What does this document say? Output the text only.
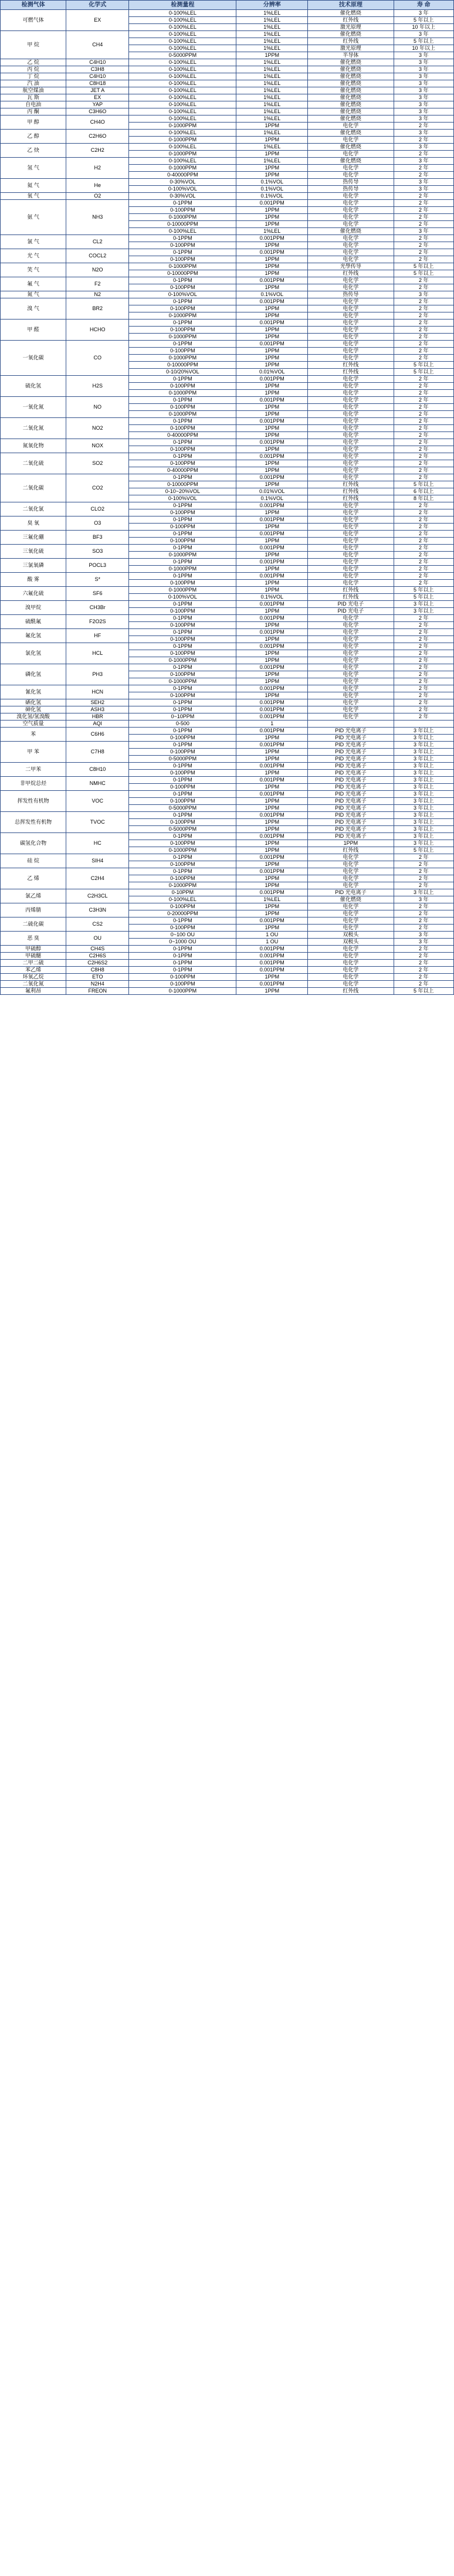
检测气体	化学式	检测量程	分辨率	技术原理	寿 命
可燃气体	EX	0-100%LEL	1%LEL	催化燃烧	3 年
		0-100%LEL	1%LEL	红外线	5 年以上
		0-100%LEL	1%LEL	激光原理	10 年以上
甲 烷	CH4	0-100%LEL	1%LEL	催化燃烧	3 年
		0-100%LEL	1%LEL	红外线	5 年以上
		0-100%LEL	1%LEL	激光原理	10 年以上
		0-5000PPM	1PPM	半导体	3 年
乙 烷	C4H10	0-100%LEL	1%LEL	催化燃烧	3 年
丙 烷	C3H8	0-100%LEL	1%LEL	催化燃烧	3 年
丁 烷	C4H10	0-100%LEL	1%LEL	催化燃烧	3 年
汽 油	C8H18	0-100%LEL	1%LEL	催化燃烧	3 年
航空煤油	JET A	0-100%LEL	1%LEL	催化燃烧	3 年
瓦 斯	EX	0-100%LEL	1%LEL	催化燃烧	3 年
自电油	YAP	0-100%LEL	1%LEL	催化燃烧	3 年
丙 酮	C3H6O	0-100%LEL	1%LEL	催化燃烧	3 年
甲 醇	CH4O	0-100%LEL	1%LEL	催化燃烧	3 年
		0-1000PPM	1PPM	电化学	2 年
乙 醇	C2H6O	0-100%LEL	1%LEL	催化燃烧	3 年
		0-1000PPM	1PPM	电化学	2 年
乙 炔	C2H2	0-100%LEL	1%LEL	催化燃烧	3 年
		0-1000PPM	1PPM	电化学	2 年
氢 气	H2	0-100%LEL	1%LEL	催化燃烧	3 年
		0-1000PPM	1PPM	电化学	2 年
		0-40000PPM	1PPM	电化学	2 年
氦 气	He	0-30%VOL	0.1%VOL	热传导	3 年
		0-100%VOL	0.1%VOL	热传导	3 年
氧 气	O2	0-30%VOL	0.1%VOL	电化学	2 年
氨 气	NH3	0-1PPM	0.001PPM	电化学	2 年
		0-100PPM	1PPM	电化学	2 年
		0-1000PPM	1PPM	电化学	2 年
		0-10000PPM	1PPM	电化学	2 年
		0-100%LEL	1%LEL	催化燃烧	3 年
氯 气	CL2	0-1PPM	0.001PPM	电化学	2 年
		0-100PPM	1PPM	电化学	2 年
光 气	COCL2	0-1PPM	0.001PPM	电化学	2 年
		0-100PPM	1PPM	电化学	2 年
笑 气	N2O	0-1000PPM	1PPM	光學传导	5 年以上
		0-10000PPM	1PPM	红外线	5 年以上
氟 气	F2	0-1PPM	0.001PPM	电化学	2 年
		0-100PPM	1PPM	电化学	2 年
氮 气	N2	0-100%VOL	0.1%VOL	热传导	3 年
溴 气	BR2	0-1PPM	0.001PPM	电化学	2 年
		0-100PPM	1PPM	电化学	2 年
		0-1000PPM	1PPM	电化学	2 年
甲 醛	HCHO	0-1PPM	0.001PPM	电化学	2 年
		0-100PPM	1PPM	电化学	2 年
		0-1000PPM	1PPM	电化学	2 年
一氧化碳	CO	0-1PPM	0.001PPM	电化学	2 年
		0-100PPM	1PPM	电化学	2 年
		0-1000PPM	1PPM	电化学	2 年
		0-10000PPM	1PPM	红外线	5 年以上
		0-10/20%VOL	0.01%VOL	红外线	5 年以上
硫化氢	H2S	0-1PPM	0.001PPM	电化学	2 年
		0-100PPM	1PPM	电化学	2 年
		0-1000PPM	1PPM	电化学	2 年
一氧化氮	NO	0-1PPM	0.001PPM	电化学	2 年
		0-100PPM	1PPM	电化学	2 年
		0-1000PPM	1PPM	电化学	2 年
二氧化氮	NO2	0-1PPM	0.001PPM	电化学	2 年
		0-100PPM	1PPM	电化学	2 年
		0-40000PPM	1PPM	电化学	2 年
氮氧化物	NOX	0-1PPM	0.001PPM	电化学	2 年
		0-100PPM	1PPM	电化学	2 年
二氧化硫	SO2	0-1PPM	0.001PPM	电化学	2 年
		0-100PPM	1PPM	电化学	2 年
		0-40000PPM	1PPM	电化学	2 年
二氧化碳	CO2	0-1PPM	0.001PPM	电化学	2 年
		0-10000PPM	1PPM	红外线	5 年以上
		0-10~20%VOL	0.01%VOL	红外线	6 年以上
		0-100%VOL	0.1%VOL	红外线	8 年以上
二氧化氯	CLO2	0-1PPM	0.001PPM	电化学	2 年
		0-100PPM	1PPM	电化学	2 年
臭 氧	O3	0-1PPM	0.001PPM	电化学	2 年
		0-100PPM	1PPM	电化学	2 年
三氟化硼	BF3	0-1PPM	0.001PPM	电化学	2 年
		0-100PPM	1PPM	电化学	2 年
三氧化硫	SO3	0-1PPM	0.001PPM	电化学	2 年
		0-1000PPM	1PPM	电化学	2 年
三氯氧磷	POCL3	0-1PPM	0.001PPM	电化学	2 年
		0-1000PPM	1PPM	电化学	2 年
酸 雾	S*	0-1PPM	0.001PPM	电化学	2 年
		0-100PPM	1PPM	电化学	2 年
六氟化硫	SF6	0-1000PPM	1PPM	红外线	5 年以上
		0-100%VOL	0.1%VOL	红外线	5 年以上
溴甲烷	CH3Br	0-1PPM	0.001PPM	PID 光电子	3 年以上
		0-100PPM	1PPM	PID 光电子	3 年以上
硫酰氟	F2O2S	0-1PPM	0.001PPM	电化学	2 年
		0-100PPM	1PPM	电化学	2 年
氟化氢	HF	0-1PPM	0.001PPM	电化学	2 年
		0-100PPM	1PPM	电化学	2 年
氯化氢	HCL	0-1PPM	0.001PPM	电化学	2 年
		0-100PPM	1PPM	电化学	2 年
		0-1000PPM	1PPM	电化学	2 年
磷化氢	PH3	0-1PPM	0.001PPM	电化学	2 年
		0-100PPM	1PPM	电化学	2 年
		0-1000PPM	1PPM	电化学	2 年
氰化氢	HCN	0-1PPM	0.001PPM	电化学	2 年
		0-100PPM	1PPM	电化学	2 年
硒化氢	SEH2	0-1PPM	0.001PPM	电化学	2 年
砷化氢	ASH3	0-1PPM	0.001PPM	电化学	2 年
溴化氢/氢溴酸	HBR	0~10PPM	0.001PPM	电化学	2 年
空气质量	AQI	0-500	1		
苯	C6H6	0-1PPM	0.001PPM	PID 光电离子	3 年以上
		0-100PPM	1PPM	PID 光电离子	3 年以上
甲 苯	C7H8	0-1PPM	0.001PPM	PID 光电离子	3 年以上
		0-100PPM	1PPM	PID 光电离子	3 年以上
		0-5000PPM	1PPM	PID 光电离子	3 年以上
二甲苯	C8H10	0-1PPM	0.001PPM	PID 光电离子	3 年以上
		0-100PPM	1PPM	PID 光电离子	3 年以上
非甲烷总烃	NMHC	0-1PPM	0.001PPM	PID 光电离子	3 年以上
		0-100PPM	1PPM	PID 光电离子	3 年以上
挥发性有机物	VOC	0-1PPM	0.001PPM	PID 光电离子	3 年以上
		0-100PPM	1PPM	PID 光电离子	3 年以上
		0-5000PPM	1PPM	PID 光电离子	3 年以上
总挥发性有机物	TVOC	0-1PPM	0.001PPM	PID 光电离子	3 年以上
		0-100PPM	1PPM	PID 光电离子	3 年以上
		0-5000PPM	1PPM	PID 光电离子	3 年以上
碳氢化合物	HC	0-1PPM	0.001PPM	PID 光电离子	3 年以上
		0-100PPM	1PPM	1PPM	3 年以上
		0-1000PPM	1PPM	红外线	5 年以上
硅 烷	SIH4	0-1PPM	0.001PPM	电化学	2 年
		0-100PPM	1PPM	电化学	2 年
乙 烯	C2H4	0-1PPM	0.001PPM	电化学	2 年
		0-100PPM	1PPM	电化学	2 年
		0-1000PPM	1PPM	电化学	2 年
氯乙烯	C2H3CL	0-10PPM	0.001PPM	PID 光电离子	3 年以上
		0-100%LEL	1%LEL	催化燃烧	3 年
丙烯腈	C3H3N	0-100PPM	1PPM	电化学	2 年
		0-20000PPM	1PPM	电化学	2 年
二硫化碳	CS2	0-1PPM	0.001PPM	电化学	2 年
		0-100PPM	1PPM	电化学	2 年
恶 臭	OU	0~100 OU	1 OU	双极头	3 年
		0~1000 OU	1 OU	双极头	3 年
甲硫醇	CH4S	0-1PPM	0.001PPM	电化学	2 年
甲硫醚	C2H6S	0-1PPM	0.001PPM	电化学	2 年
二甲二硫	C2H6S2	0-1PPM	0.001PPM	电化学	2 年
苯乙烯	C8H8	0-1PPM	0.001PPM	电化学	2 年
环氧乙烷	ETO	0-100PPM	1PPM	电化学	2 年
二氧化氮	N2H4	0-100PPM	0.001PPM	电化学	2 年
氟利昂	FREON	0-1000PPM	1PPM	红外线	5 年以上
